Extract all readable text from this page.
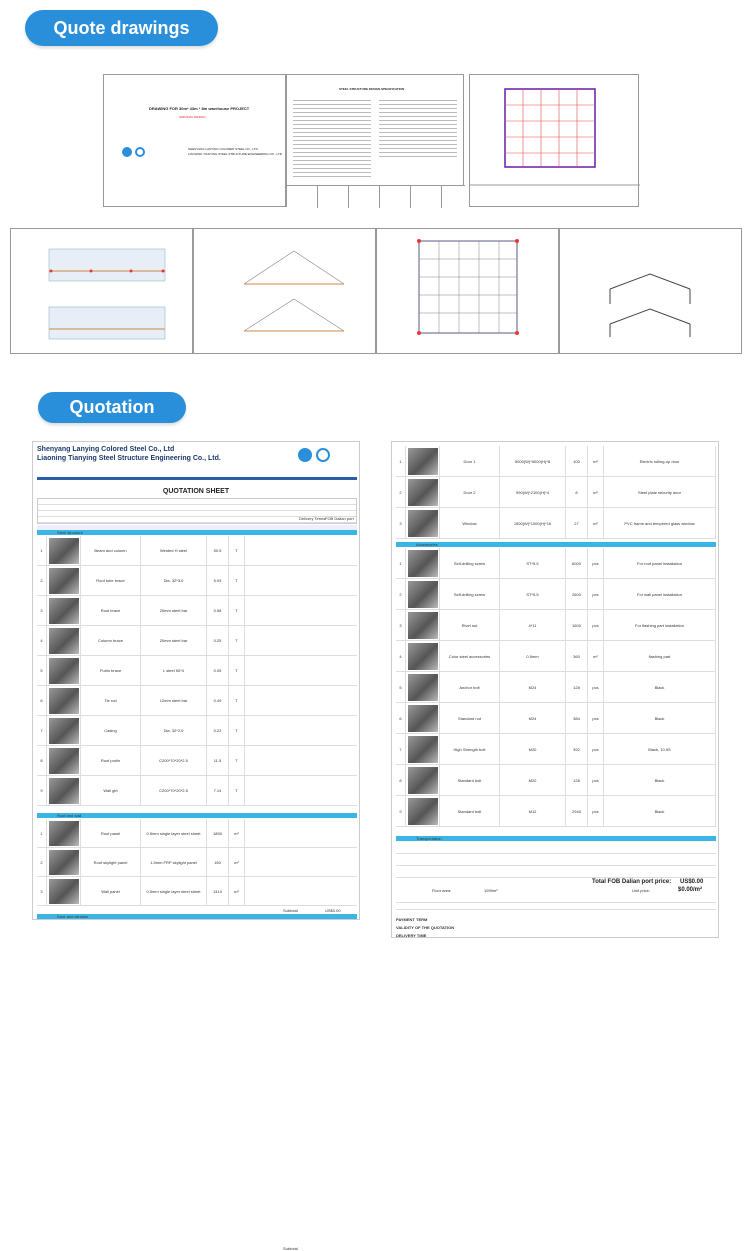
Quote drawings
DRAWING FOR 30m* 43m * 8m warehouse PROJECT
ORIGINAL DESIGN
SHENYANG LANYING COLORED STEEL CO., LTD
LIAONING TIANYING STEEL STRUCTURE ENGINEERING CO., LTD
STEEL STRUCTURE DESIGN SPECIFICATION
Quotation
Shenyang Lanying Colored Steel Co., Ltd
Liaoning Tianying Steel Structure Engineering Co., Ltd.
QUOTATION SHEET
Delivery Terms FOB Dalian port
Steel structure
1	Beam and column	Welded H steel	50.5	T
2	Roof tube brace	Dia. 32*3.0	5.93	T
3	Roof brace	20mm steel bar	0.58	T
4	Column brace	20mm steel bar	0.25	T
5	Purlin brace	L steel 50*4	0.05	T
6	Tie rod	12mm steel bar	0.49	T
7	Casing	Dia. 32*2.0	0.22	T
8	Roof purlin	C200*70*20*2.5	11.5	T
9	Wall girt	C200*70*20*2.5	7.14	T
Subtotal
Roof and wall
1	Roof panel	0.5mm single layer steel sheet	1890	m²
2	Roof skylight panel	1.5mm FRP skylight panel	160	m²
3	Wall panel	0.5mm single layer steel sheet	1410	m²
Subtotal	US$0.00
Door and window
1	Door 1	5000(W)*5000(H)*8	100	m²	Electric rolling-up door
2	Door 2	990(W)*2100(H)*4	8	m²	Steel plate security door
3	Window	1500(W)*1000(H)*16	27	m²	PVC frame and tempered glass window
Accessories
1	Self-drilling screw	ST*5.5	6000	pcs	For roof panel installation
2	Self-drilling screw	ST*5.5	2600	pcs	For wall panel installation
3	Rivet nut	4*11	1600	pcs	For flashing part installation
4	Color steel accessories	0.5mm	360	m²	flashing part
5	Anchor bolt	M24	128	pcs	Black
6	Standard nut	M24	384	pcs	Black
7	High Strength bolt	M20	392	pcs	Black, 10.9S
8	Standard bolt	M20	128	pcs	Black
9	Standard bolt	M12	2940	pcs	Black
Transportation
Total FOB Dalian port price: US$0.00
Floor area:	1999m²	Unit price:	$0.00/m²
PAYMENT TERM
VALIDITY OF THE QUOTATION
DELIVERY TIME
